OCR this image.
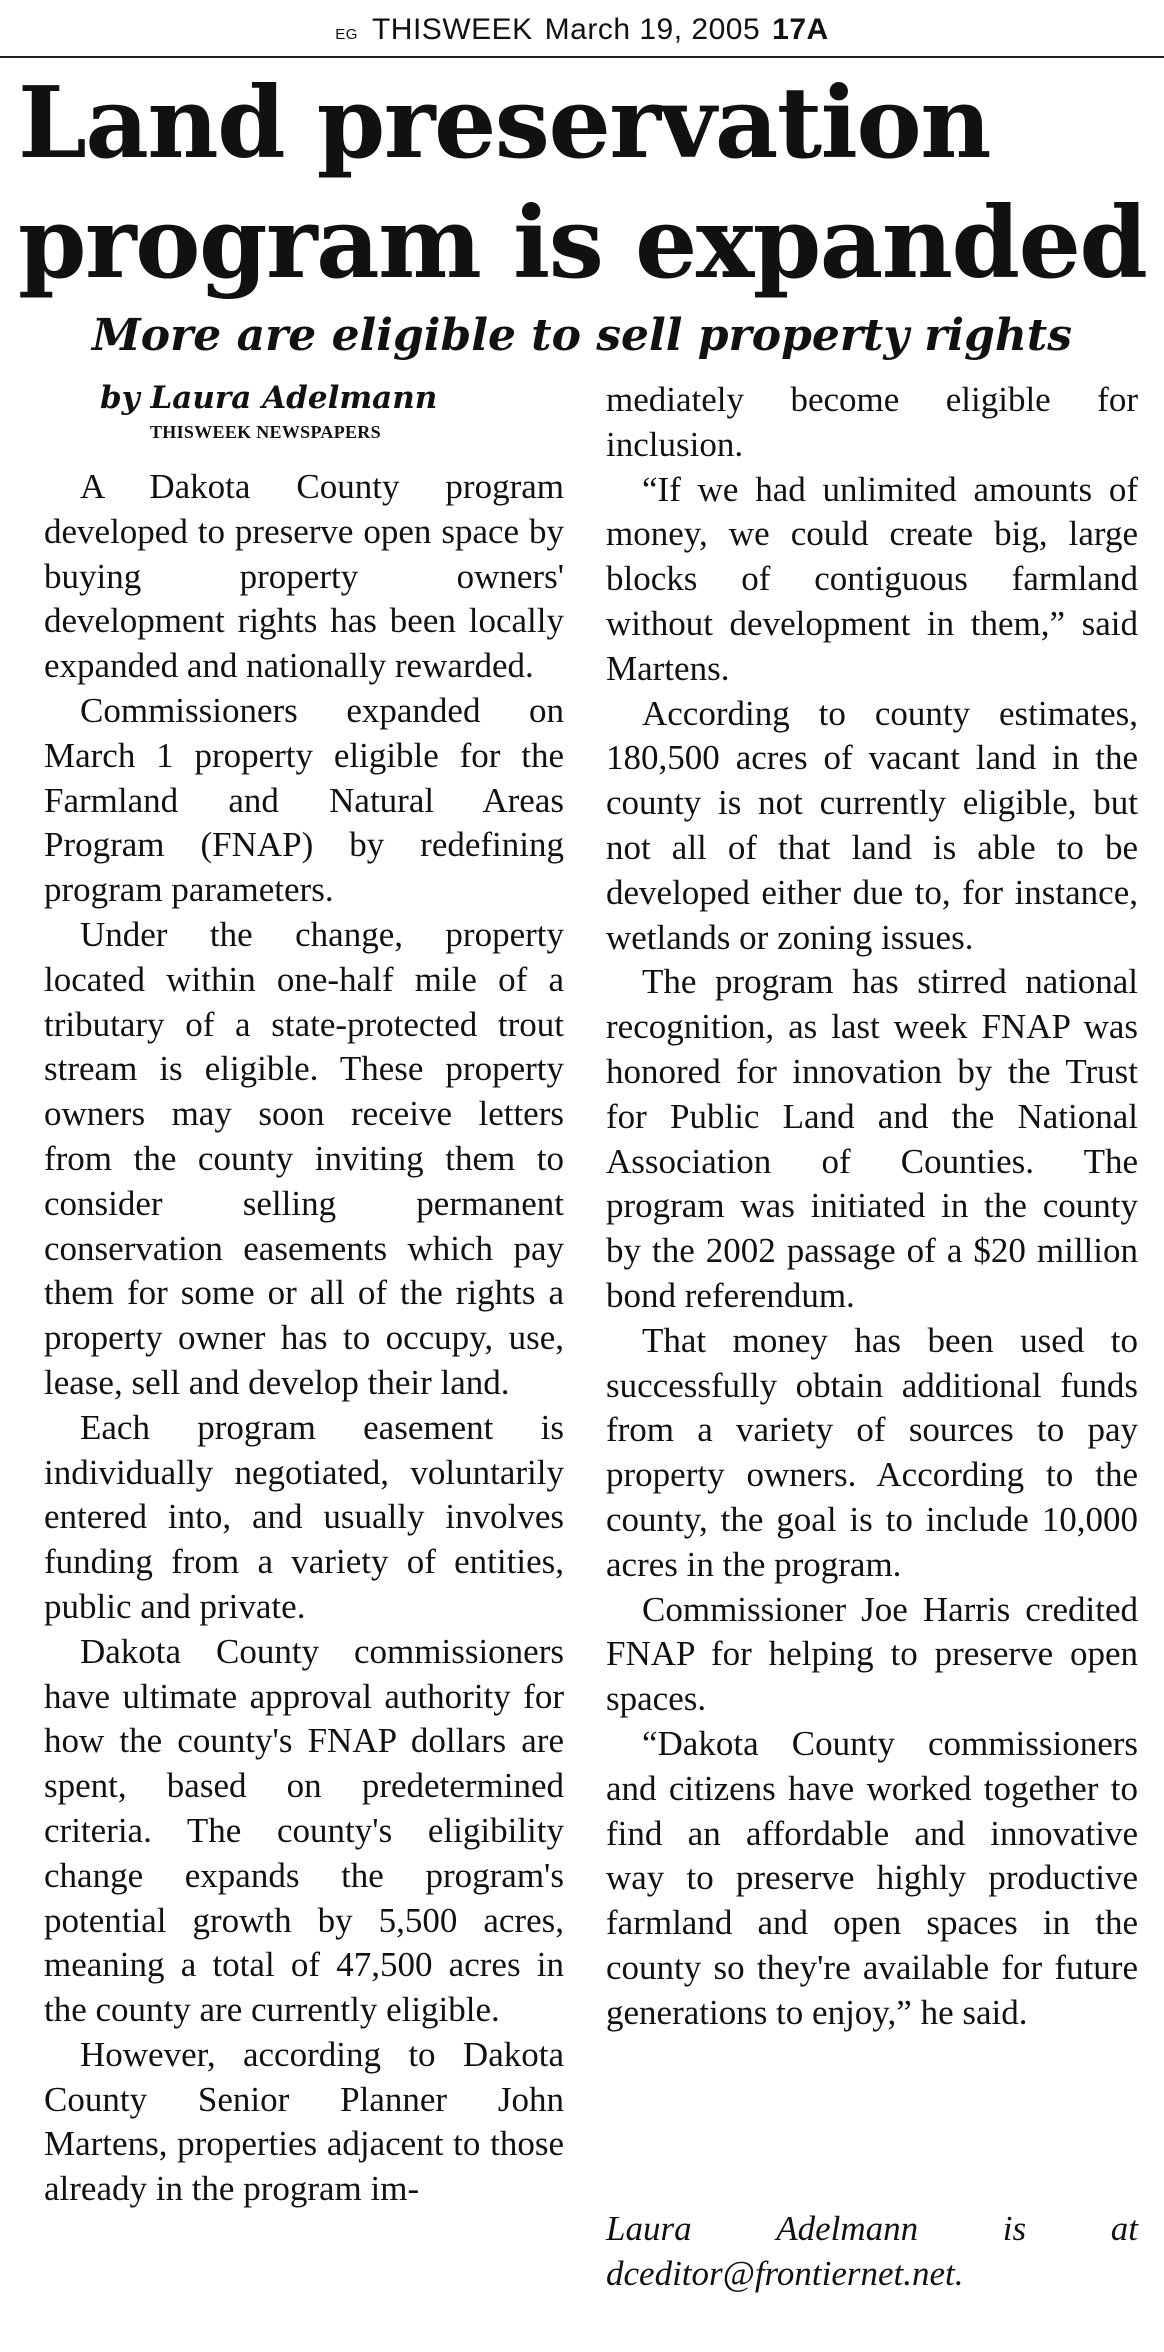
EG THISWEEK March 19, 2005 17A
Land preservation
program is expanded
More are eligible to sell property rights
by Laura Adelmann
THISWEEK NEWSPAPERS

A Dakota County program developed to preserve open space by buying property owners' development rights has been locally expanded and nationally rewarded.

Commissioners expanded on March 1 property eligible for the Farmland and Natural Areas Program (FNAP) by redefining program parameters.

Under the change, property located within one-half mile of a tributary of a state-protected trout stream is eligible. These property owners may soon receive letters from the county inviting them to consider selling permanent conservation easements which pay them for some or all of the rights a property owner has to occupy, use, lease, sell and develop their land.

Each program easement is individually negotiated, voluntarily entered into, and usually involves funding from a variety of entities, public and private.

Dakota County commissioners have ultimate approval authority for how the county's FNAP dollars are spent, based on predetermined criteria. The county's eligibility change expands the program's potential growth by 5,500 acres, meaning a total of 47,500 acres in the county are currently eligible.

However, according to Dakota County Senior Planner John Martens, properties adjacent to those already in the program im-

mediately become eligible for inclusion.

“If we had unlimited amounts of money, we could create big, large blocks of contiguous farmland without development in them,” said Martens.

According to county estimates, 180,500 acres of vacant land in the county is not currently eligible, but not all of that land is able to be developed either due to, for instance, wetlands or zoning issues.

The program has stirred national recognition, as last week FNAP was honored for innovation by the Trust for Public Land and the National Association of Counties. The program was initiated in the county by the 2002 passage of a $20 million bond referendum.

That money has been used to successfully obtain additional funds from a variety of sources to pay property owners. According to the county, the goal is to include 10,000 acres in the program.

Commissioner Joe Harris credited FNAP for helping to preserve open spaces.

“Dakota County commissioners and citizens have worked together to find an affordable and innovative way to preserve highly productive farmland and open spaces in the county so they're available for future generations to enjoy,” he said.

Laura Adelmann is at
dceditor@frontiernet.net.
